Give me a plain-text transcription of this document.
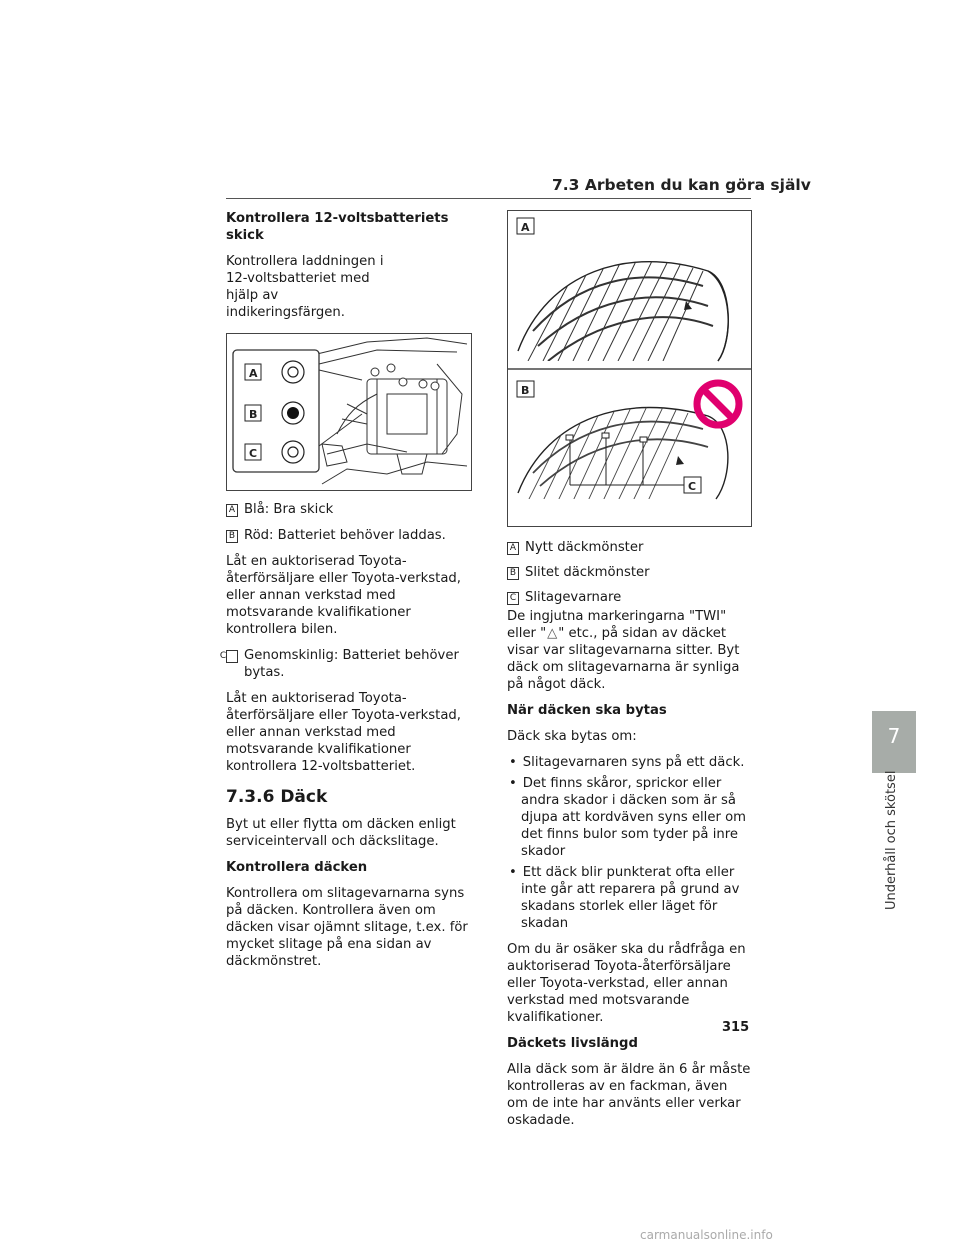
7.3 Arbeten du kan göra själv

Kontrollera 12-voltsbatteriets skick

Kontrollera laddningen i 12-voltsbatteriet med hjälp av indikeringsfärgen.

A
B
C

A Blå: Bra skick

B Röd: Batteriet behöver laddas.

Låt en auktoriserad Toyota-återförsäljare eller Toyota-verkstad, eller annan verkstad med motsvarande kvalifikationer kontrollera bilen.

C Genomskinlig: Batteriet behöver bytas.

Låt en auktoriserad Toyota-återförsäljare eller Toyota-verkstad, eller annan verkstad med motsvarande kvalifikationer kontrollera 12-voltsbatteriet.

7.3.6 Däck

Byt ut eller flytta om däcken enligt serviceintervall och däckslitage.

Kontrollera däcken

Kontrollera om slitagevarnarna syns på däcken. Kontrollera även om däcken visar ojämnt slitage, t.ex. för mycket slitage på ena sidan av däckmönstret.

A
B
C

A Nytt däckmönster

B Slitet däckmönster

C Slitagevarnare

De ingjutna markeringarna "TWI" eller "△" etc., på sidan av däcket visar var slitagevarnarna sitter. Byt däck om slitagevarnarna är synliga på något däck.

När däcken ska bytas

Däck ska bytas om:

• Slitagevarnaren syns på ett däck.
• Det finns skåror, sprickor eller andra skador i däcken som är så djupa att kordväven syns eller om det finns bulor som tyder på inre skador
• Ett däck blir punkterat ofta eller inte går att reparera på grund av skadans storlek eller läget för skadan

Om du är osäker ska du rådfråga en auktoriserad Toyota-återförsäljare eller Toyota-verkstad, eller annan verkstad med motsvarande kvalifikationer.

Däckets livslängd

Alla däck som är äldre än 6 år måste kontrolleras av en fackman, även om de inte har använts eller verkar oskadade.

7
Underhåll och skötsel
315
carmanualsonline.info
